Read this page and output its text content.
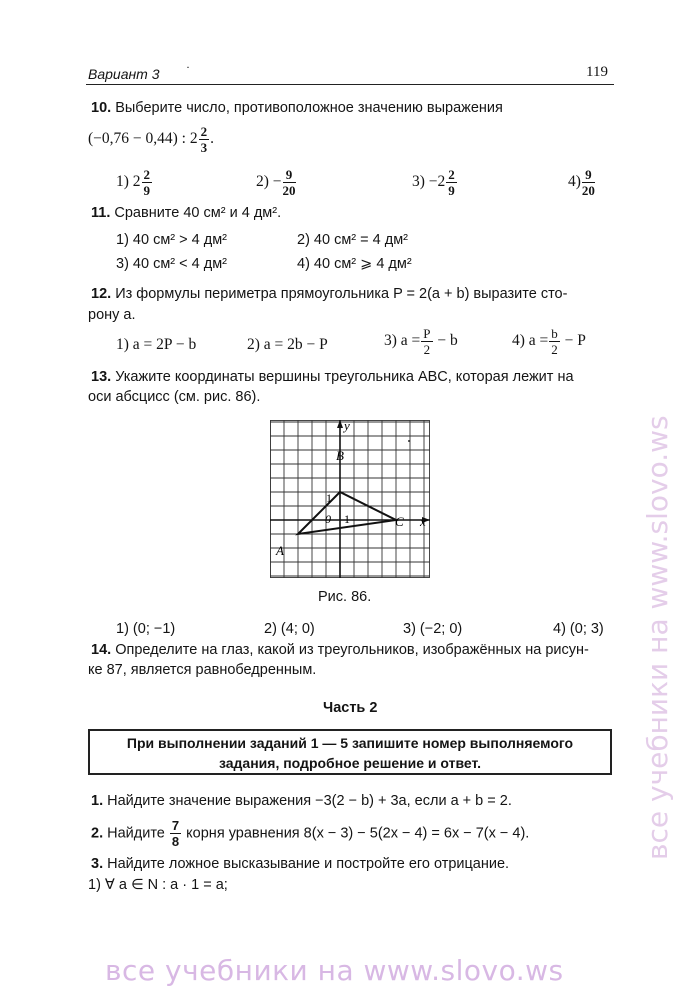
Вариант 3 ·	119
10. Выберите число, противоположное значению выражения
(−0,76 − 0,44) : $2 \frac{2}{3}$ .
1) $2 \frac{2}{9}$	$2) - \frac{9}{20}$	$3) -2 \frac{2}{9}$	$4) \frac{9}{20}$
11. Сравните 40 см² и 4 дм².
1) 40 см² > 4 дм²	2) 40 см² = 4 дм²
3) 40 см² < 4 дм²	4) 40 см² ⩾ 4 дм²
12. Из формулы периметра прямоугольника P = 2(a + b) выразите сто-
рону a.
1) a = 2P − b	2) a = 2b − P	3) $a = \frac{P}{2} - b$	4) $a = \frac{b}{2} - P$
13. Укажите координаты вершины треугольника ABC, которая лежит на
оси абсцисс (см. рис. 86).
y
x
B
C
A
0 1
1
Рис. 86.
1) (0; −1)	2) (4; 0)	3) (−2; 0)	4) (0; 3)
14. Определите на глаз, какой из треугольников, изображённых на рисун-
ке 87, является равнобедренным.
Часть 2
При выполнении заданий 1 — 5 запишите номер выполняемого
задания, подробное решение и ответ.
1. Найдите значение выражения −3(2 − b) + 3a, если a + b = 2.
2. Найдите $\frac{7}{8}$ корня уравнения 8(x − 3) − 5(2x − 4) = 6x − 7(x − 4).
3. Найдите ложное высказывание и постройте его отрицание.
1) ∀ a ∈ N : a · 1 = a;
все учебники на www.slovo.ws
все учебники на www.slovo.ws
